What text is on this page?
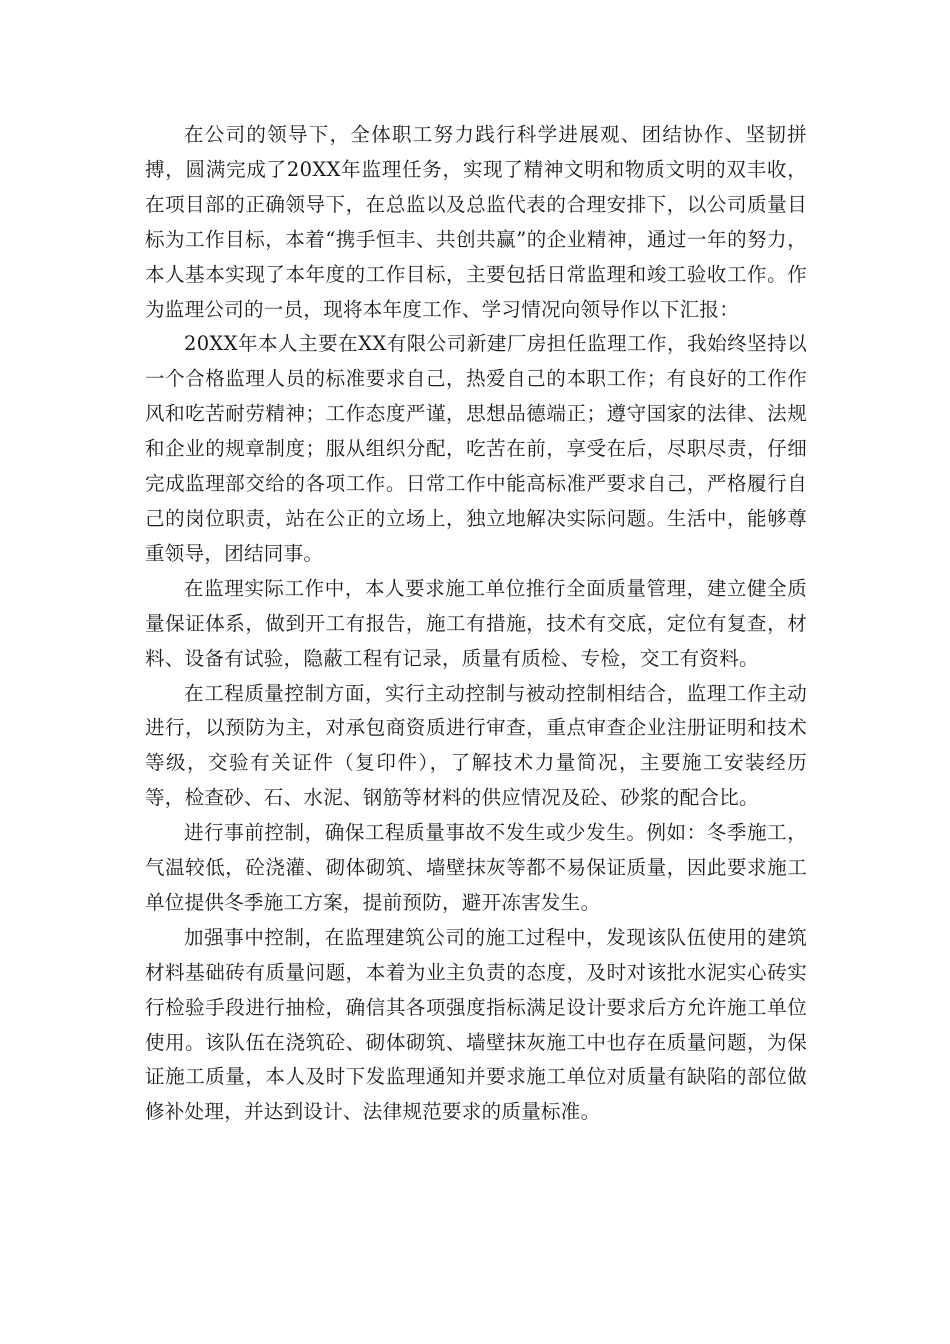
在公司的领导下，全体职工努力践行科学进展观、团结协作、坚韧拼搏，圆满完成了20XX年监理任务，实现了精神文明和物质文明的双丰收，在项目部的正确领导下，在总监以及总监代表的合理安排下，以公司质量目标为工作目标，本着“携手恒丰、共创共赢”的企业精神，通过一年的努力，本人基本实现了本年度的工作目标，主要包括日常监理和竣工验收工作。作为监理公司的一员，现将本年度工作、学习情况向领导作以下汇报：

20XX年本人主要在XX有限公司新建厂房担任监理工作，我始终坚持以一个合格监理人员的标准要求自己，热爱自己的本职工作；有良好的工作作风和吃苦耐劳精神；工作态度严谨，思想品德端正；遵守国家的法律、法规和企业的规章制度；服从组织分配，吃苦在前，享受在后，尽职尽责，仔细完成监理部交给的各项工作。日常工作中能高标准严要求自己，严格履行自己的岗位职责，站在公正的立场上，独立地解决实际问题。生活中，能够尊重领导，团结同事。

在监理实际工作中，本人要求施工单位推行全面质量管理，建立健全质量保证体系，做到开工有报告，施工有措施，技术有交底，定位有复查，材料、设备有试验，隐蔽工程有记录，质量有质检、专检，交工有资料。

在工程质量控制方面，实行主动控制与被动控制相结合，监理工作主动进行，以预防为主，对承包商资质进行审查，重点审查企业注册证明和技术等级，交验有关证件（复印件），了解技术力量简况，主要施工安装经历等，检查砂、石、水泥、钢筋等材料的供应情况及砼、砂浆的配合比。

进行事前控制，确保工程质量事故不发生或少发生。例如：冬季施工，气温较低，砼浇灌、砌体砌筑、墙壁抹灰等都不易保证质量，因此要求施工单位提供冬季施工方案，提前预防，避开冻害发生。

加强事中控制，在监理建筑公司的施工过程中，发现该队伍使用的建筑材料基础砖有质量问题，本着为业主负责的态度，及时对该批水泥实心砖实行检验手段进行抽检，确信其各项强度指标满足设计要求后方允许施工单位使用。该队伍在浇筑砼、砌体砌筑、墙壁抹灰施工中也存在质量问题，为保证施工质量，本人及时下发监理通知并要求施工单位对质量有缺陷的部位做修补处理，并达到设计、法律规范要求的质量标准。
